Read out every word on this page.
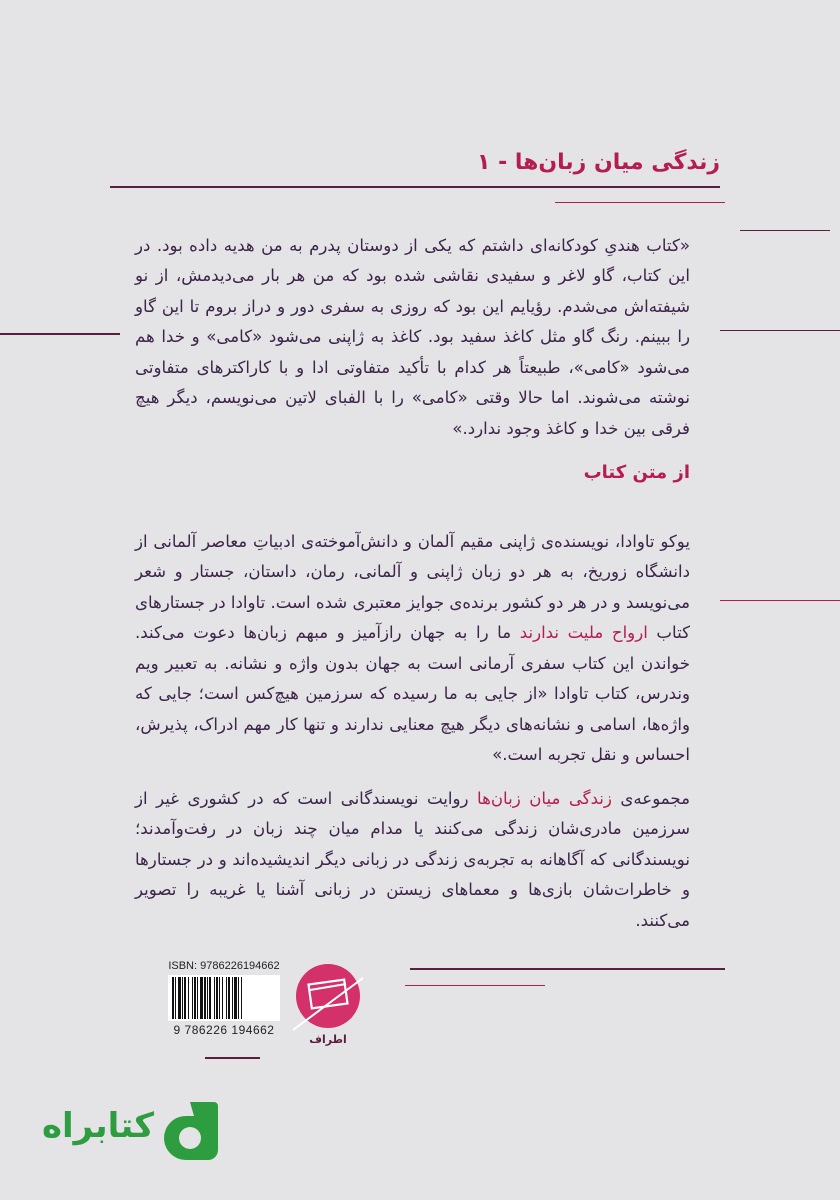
زندگی میان زبان‌ها - ۱

«کتاب هندیِ کودکانه‌ای داشتم که یکی از دوستان پدرم به من هدیه داده بود. در این کتاب، گاو لاغر و سفیدی نقاشی شده بود که من هر بار می‌دیدمش، از نو شیفته‌اش می‌شدم. رؤیایم این بود که روزی به سفری دور و دراز بروم تا این گاو را ببینم. رنگ گاو مثل کاغذ سفید بود. کاغذ به ژاپنی می‌شود «کامی» و خدا هم می‌شود «کامی»، طبیعتاً هر کدام با تأکید متفاوتی ادا و با کاراکترهای متفاوتی نوشته می‌شوند. اما حالا وقتی «کامی» را با الفبای لاتین می‌نویسم، دیگر هیچ فرقی بین خدا و کاغذ وجود ندارد.»

از متن کتاب

یوکو تاوادا، نویسنده‌ی ژاپنی مقیم آلمان و دانش‌آموخته‌ی ادبیاتِ معاصر آلمانی از دانشگاه زوریخ، به هر دو زبان ژاپنی و آلمانی، رمان، داستان، جستار و شعر می‌نویسد و در هر دو کشور برنده‌ی جوایز معتبری شده است. تاوادا در جستارهای کتاب ارواح ملیت ندارند ما را به جهان رازآمیز و مبهم زبان‌ها دعوت می‌کند. خواندن این کتاب سفری آرمانی است به جهان بدون واژه و نشانه. به تعبیر ویم وندرس، کتاب تاوادا «از جایی به ما رسیده که سرزمین هیچ‌کس است؛ جایی که واژه‌ها، اسامی و نشانه‌های دیگر هیچ معنایی ندارند و تنها کار مهم ادراک، پذیرش، احساس و نقل تجربه است.»

مجموعه‌ی زندگی میان زبان‌ها روایت نویسندگانی است که در کشوری غیر از سرزمین مادری‌شان زندگی می‌کنند یا مدام میان چند زبان در رفت‌وآمدند؛ نویسندگانی که آگاهانه به تجربه‌ی زندگی در زبانی دیگر اندیشیده‌اند و در جستارها و خاطرات‌شان بازی‌ها و معماهای زیستن در زبانی آشنا یا غریبه را تصویر می‌کنند.

ISBN: 9786226194662
9 786226 194662
اطراف
کتابراه
